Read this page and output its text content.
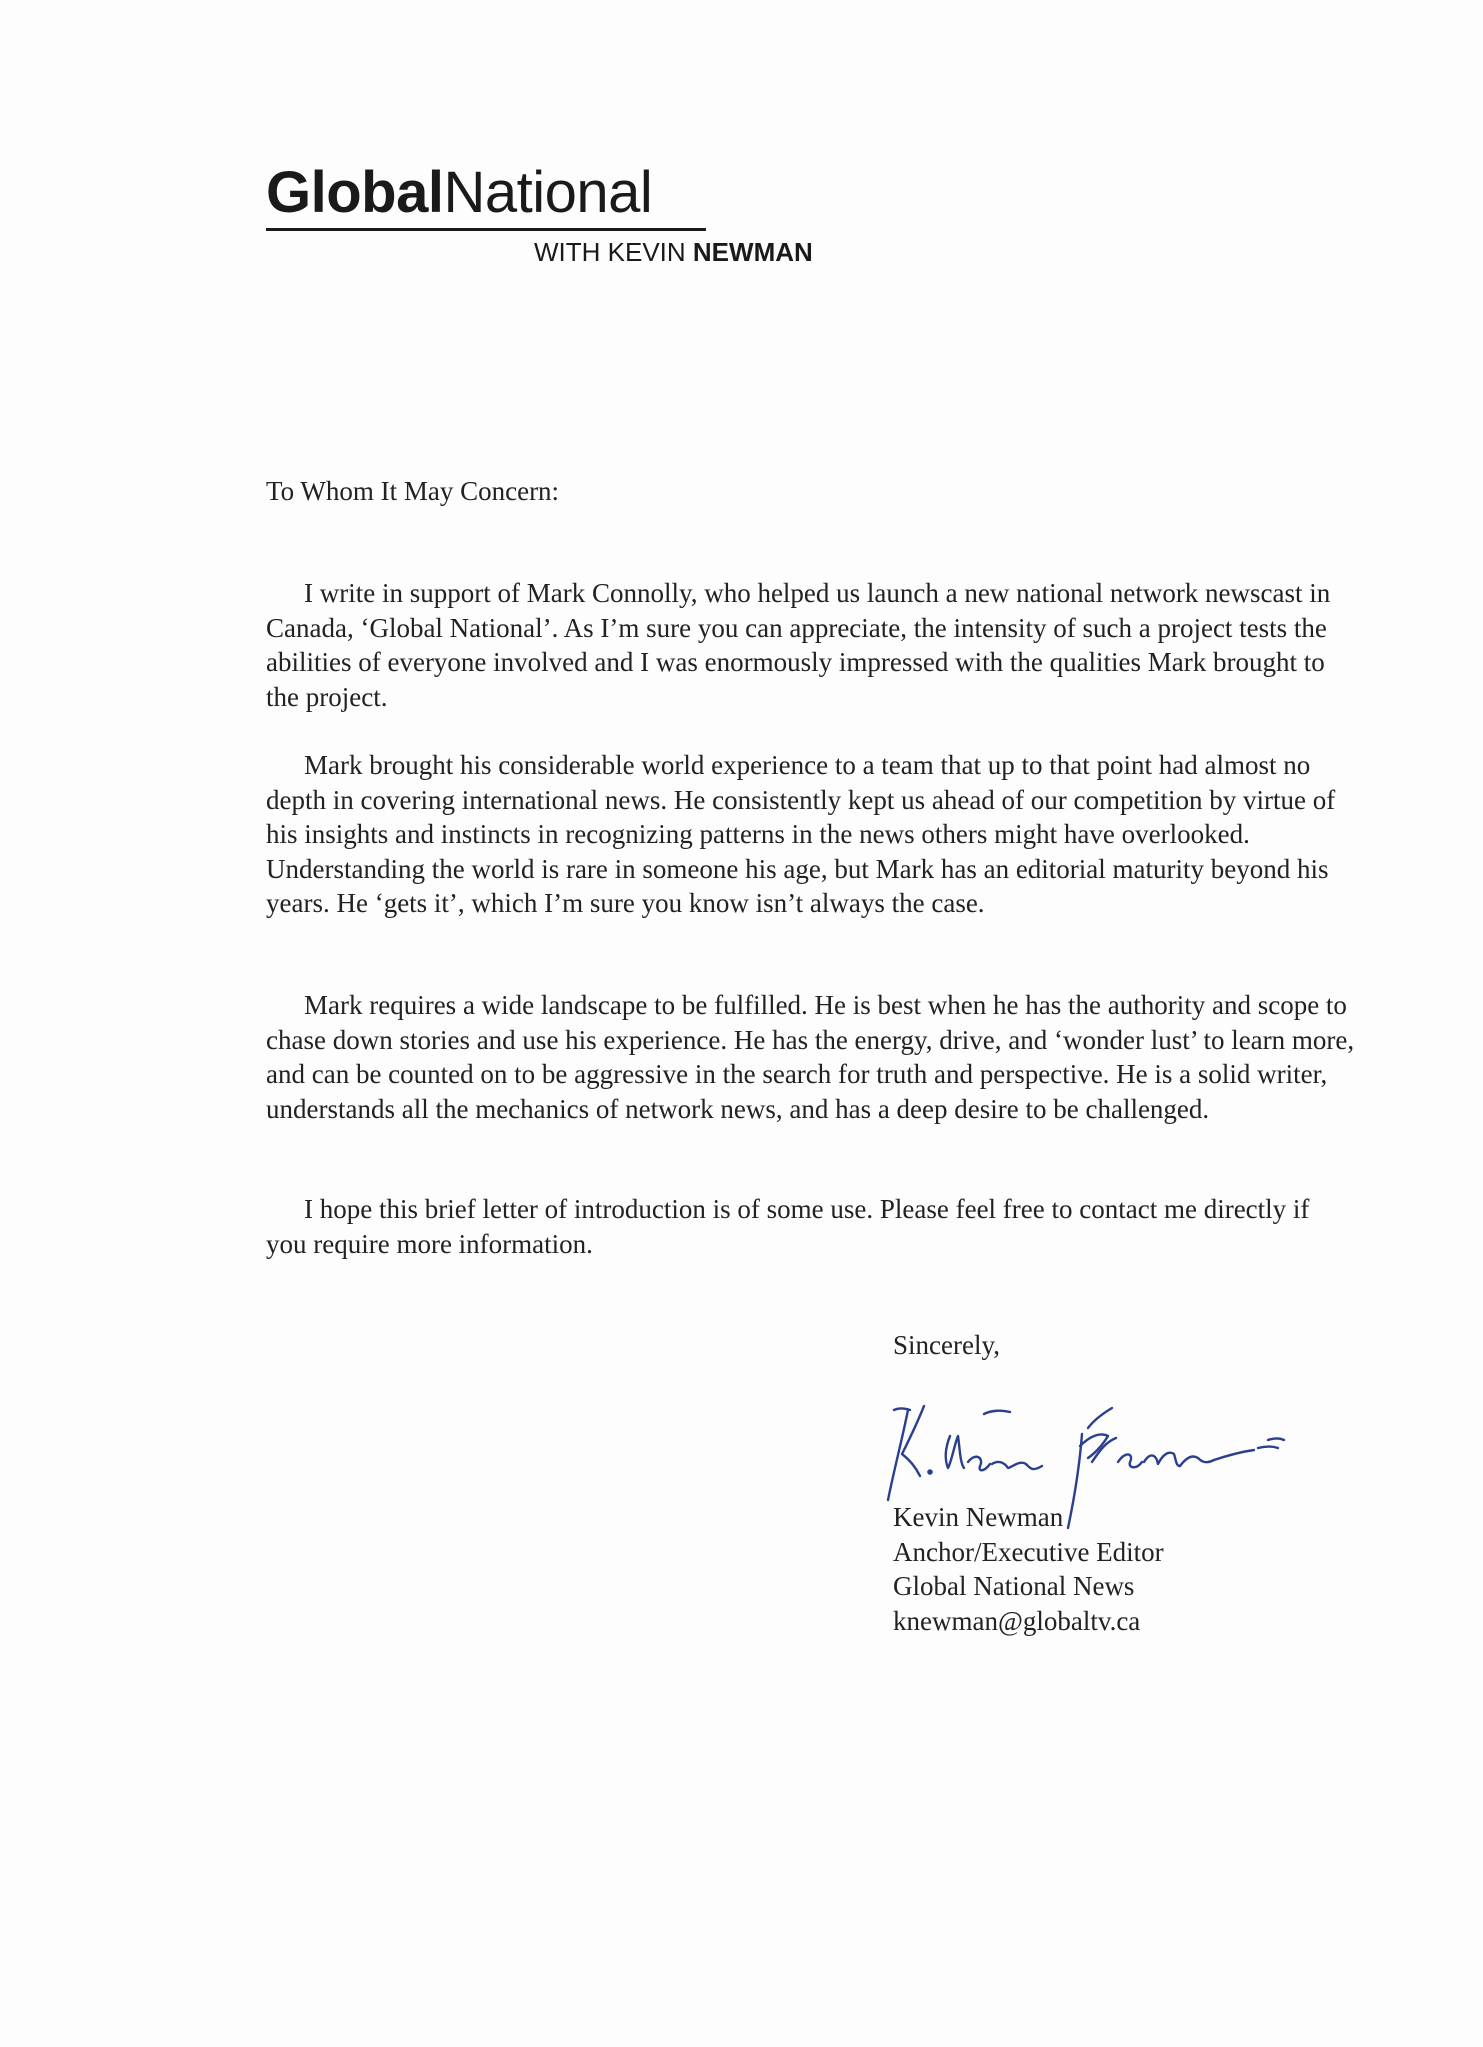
GlobalNational
WITH KEVIN NEWMAN
To Whom It May Concern:

I write in support of Mark Connolly, who helped us launch a new national network newscast in Canada, ‘Global National’. As I’m sure you can appreciate, the intensity of such a project tests the abilities of everyone involved and I was enormously impressed with the qualities Mark brought to the project.

Mark brought his considerable world experience to a team that up to that point had almost no depth in covering international news. He consistently kept us ahead of our competition by virtue of his insights and instincts in recognizing patterns in the news others might have overlooked. Understanding the world is rare in someone his age, but Mark has an editorial maturity beyond his years. He ‘gets it’, which I’m sure you know isn’t always the case.

Mark requires a wide landscape to be fulfilled. He is best when he has the authority and scope to chase down stories and use his experience. He has the energy, drive, and ‘wonder lust’ to learn more, and can be counted on to be aggressive in the search for truth and perspective. He is a solid writer, understands all the mechanics of network news, and has a deep desire to be challenged.

I hope this brief letter of introduction is of some use. Please feel free to contact me directly if you require more information.

Sincerely,
Kevin Newman
Anchor/Executive Editor
Global National News
knewman@globaltv.ca
